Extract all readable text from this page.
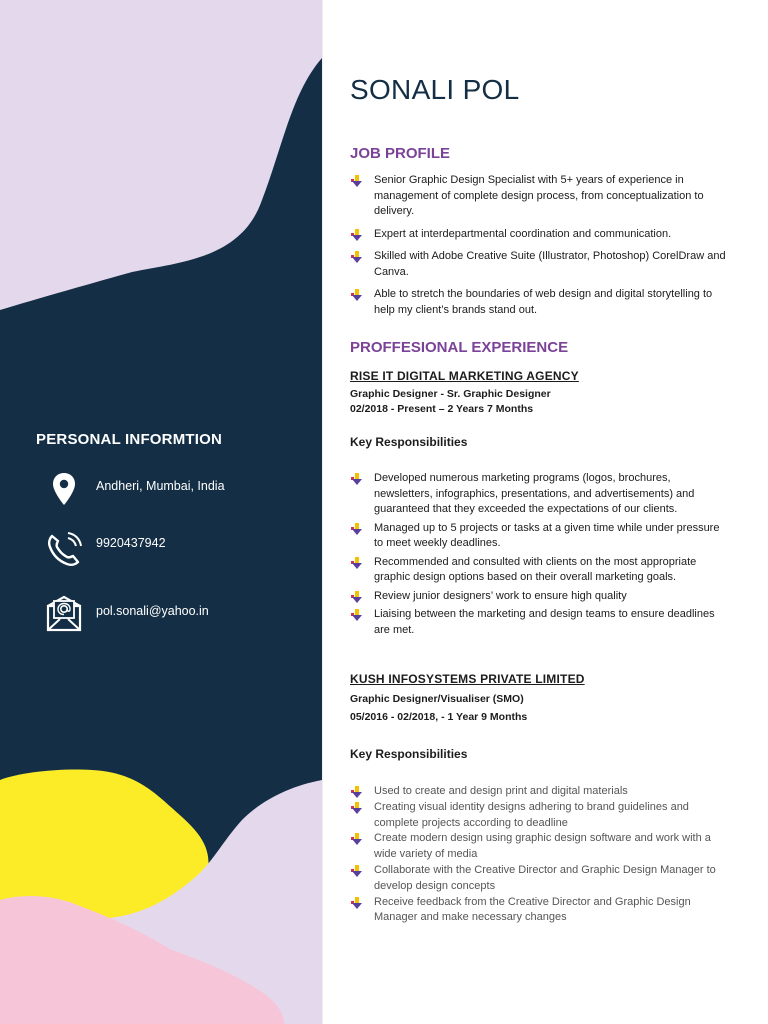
PERSONAL INFORMTION
Andheri, Mumbai, India
9920437942
pol.sonali@yahoo.in
SONALI POL
JOB PROFILE
Senior Graphic Design Specialist with 5+ years of experience in management of complete design process, from conceptualization to delivery.
Expert at interdepartmental coordination and communication.
Skilled with Adobe Creative Suite (Illustrator, Photoshop) CorelDraw and Canva.
Able to stretch the boundaries of web design and digital storytelling to help my client’s brands stand out.
PROFFESIONAL EXPERIENCE
RISE IT DIGITAL MARKETING AGENCY
Graphic Designer - Sr. Graphic Designer
02/2018 - Present – 2 Years 7 Months
Key Responsibilities
Developed numerous marketing programs (logos, brochures, newsletters, infographics, presentations, and advertisements) and guaranteed that they exceeded the expectations of our clients.
Managed up to 5 projects or tasks at a given time while under pressure to meet weekly deadlines.
Recommended and consulted with clients on the most appropriate graphic design options based on their overall marketing goals.
Review junior designers’ work to ensure high quality
Liaising between the marketing and design teams to ensure deadlines are met.
KUSH INFOSYSTEMS PRIVATE LIMITED
Graphic Designer/Visualiser (SMO)
05/2016 - 02/2018, - 1 Year 9 Months
Key Responsibilities
Used to create and design print and digital materials
Creating visual identity designs adhering to brand guidelines and complete projects according to deadline
Create modern design using graphic design software and work with a wide variety of media
Collaborate with the Creative Director and Graphic Design Manager to develop design concepts
Receive feedback from the Creative Director and Graphic Design Manager and make necessary changes
